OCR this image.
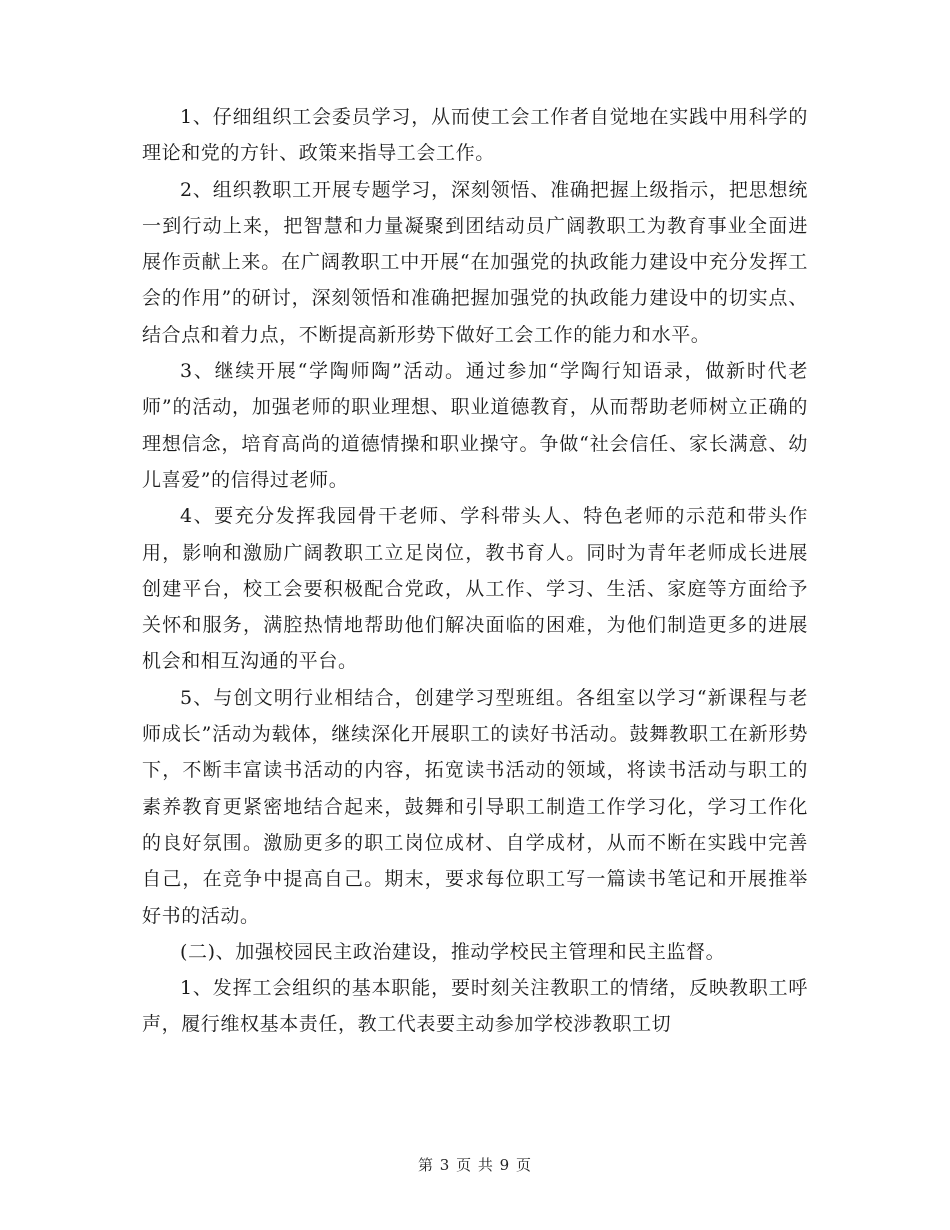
1、仔细组织工会委员学习，从而使工会工作者自觉地在实践中用科学的理论和党的方针、政策来指导工会工作。

2、组织教职工开展专题学习，深刻领悟、准确把握上级指示，把思想统一到行动上来，把智慧和力量凝聚到团结动员广阔教职工为教育事业全面进展作贡献上来。在广阔教职工中开展“在加强党的执政能力建设中充分发挥工会的作用”的研讨，深刻领悟和准确把握加强党的执政能力建设中的切实点、结合点和着力点，不断提高新形势下做好工会工作的能力和水平。

3、继续开展“学陶师陶”活动。通过参加“学陶行知语录，做新时代老师”的活动，加强老师的职业理想、职业道德教育，从而帮助老师树立正确的理想信念，培育高尚的道德情操和职业操守。争做“社会信任、家长满意、幼儿喜爱”的信得过老师。

4、要充分发挥我园骨干老师、学科带头人、特色老师的示范和带头作用，影响和激励广阔教职工立足岗位，教书育人。同时为青年老师成长进展创建平台，校工会要积极配合党政，从工作、学习、生活、家庭等方面给予关怀和服务，满腔热情地帮助他们解决面临的困难，为他们制造更多的进展机会和相互沟通的平台。

5、与创文明行业相结合，创建学习型班组。各组室以学习“新课程与老师成长”活动为载体，继续深化开展职工的读好书活动。鼓舞教职工在新形势下，不断丰富读书活动的内容，拓宽读书活动的领域，将读书活动与职工的素养教育更紧密地结合起来，鼓舞和引导职工制造工作学习化，学习工作化的良好氛围。激励更多的职工岗位成材、自学成材，从而不断在实践中完善自己，在竞争中提高自己。期末，要求每位职工写一篇读书笔记和开展推举好书的活动。

(二)、加强校园民主政治建设，推动学校民主管理和民主监督。

1、发挥工会组织的基本职能，要时刻关注教职工的情绪，反映教职工呼声，履行维权基本责任，教工代表要主动参加学校涉教职工切

第 3 页 共 9 页
